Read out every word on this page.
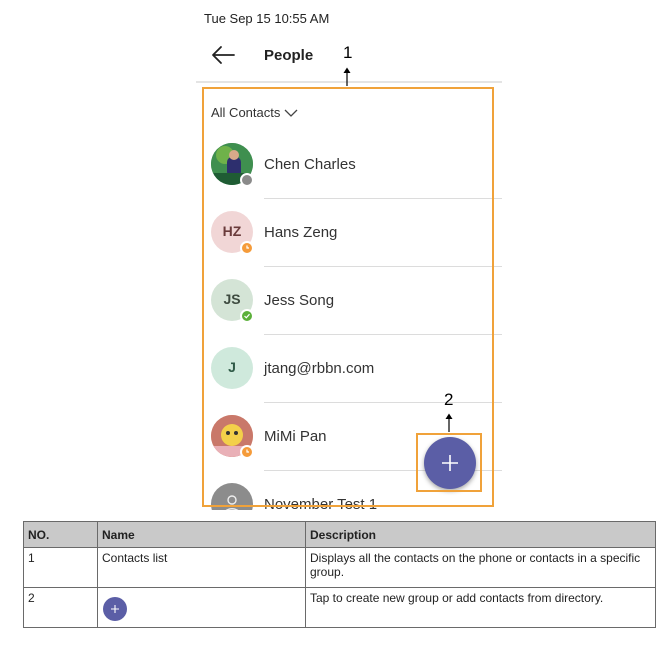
Tue Sep 15 10:55 AM
People
All Contacts
Chen Charles
HZ Hans Zeng
JS Jess Song
J jtang@rbbn.com
MiMi Pan
November Test 1
1
2
NO.	Name	Description
1	Contacts list	Displays all the contacts on the phone or contacts in a specific group.
2		Tap to create new group or add contacts from directory.
